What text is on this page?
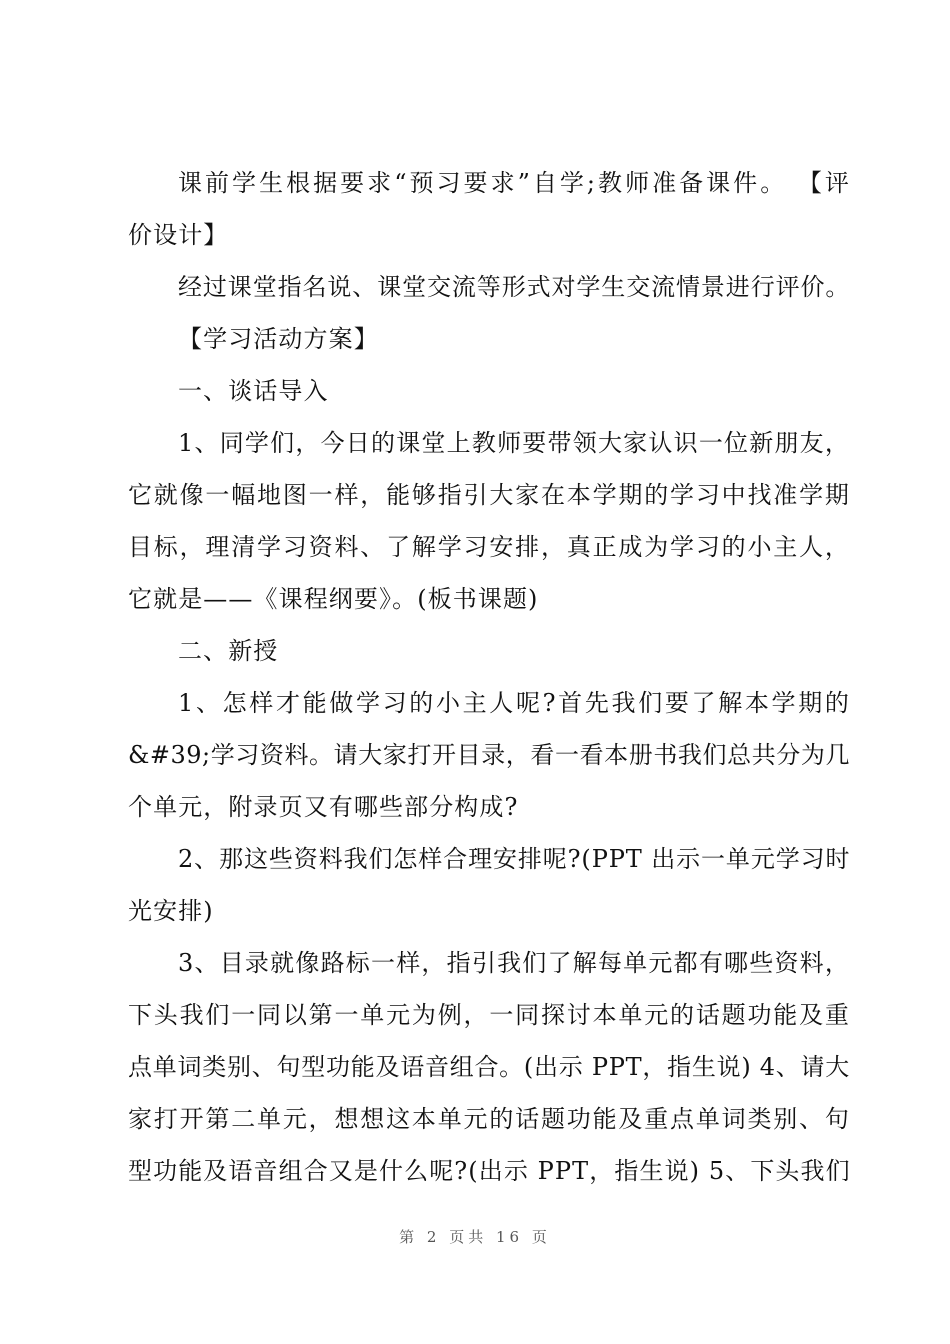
课前学生根据要求“预习要求”自学;教师准备课件。 【评
价设计】
经过课堂指名说、课堂交流等形式对学生交流情景进行评价。
【学习活动方案】
一、谈话导入
1、同学们，今日的课堂上教师要带领大家认识一位新朋友，
它就像一幅地图一样，能够指引大家在本学期的学习中找准学期
目标，理清学习资料、了解学习安排，真正成为学习的小主人，
它就是——《课程纲要》。(板书课题)
二、新授
1、怎样才能做学习的小主人呢?首先我们要了解本学期的
&#39;学习资料。请大家打开目录，看一看本册书我们总共分为几
个单元，附录页又有哪些部分构成?
2、那这些资料我们怎样合理安排呢?(PPT 出示一单元学习时
光安排)
3、目录就像路标一样，指引我们了解每单元都有哪些资料，
下头我们一同以第一单元为例，一同探讨本单元的话题功能及重
点单词类别、句型功能及语音组合。(出示 PPT，指生说) 4、请大
家打开第二单元，想想这本单元的话题功能及重点单词类别、句
型功能及语音组合又是什么呢?(出示 PPT，指生说) 5、下头我们
第 2 页共 16 页
